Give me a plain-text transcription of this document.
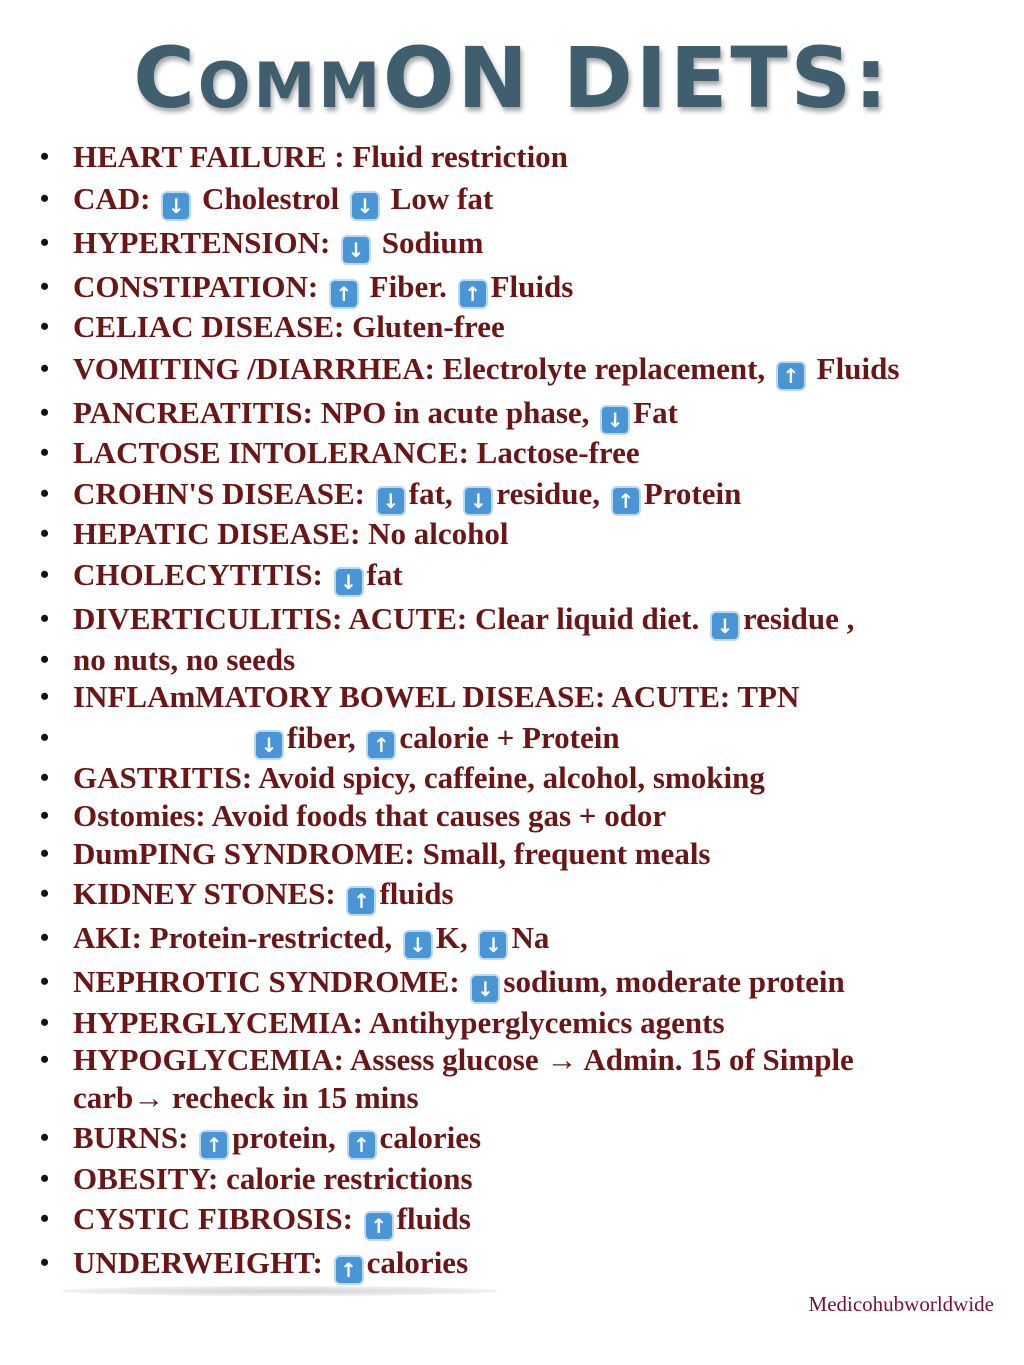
COMMON DIETS:
• HEART FAILURE : Fluid restriction
• CAD: ↓ Cholestrol ↓ Low fat
• HYPERTENSION: ↓ Sodium
• CONSTIPATION: ↑ Fiber. ↑ Fluids
• CELIAC DISEASE: Gluten-free
• VOMITING /DIARRHEA: Electrolyte replacement, ↑ Fluids
• PANCREATITIS: NPO in acute phase, ↓ Fat
• LACTOSE INTOLERANCE: Lactose-free
• CROHN'S DISEASE: ↓ fat, ↓ residue, ↑ Protein
• HEPATIC DISEASE: No alcohol
• CHOLECYTITIS: ↓ fat
• DIVERTICULITIS: ACUTE: Clear liquid diet. ↓ residue ,
• no nuts, no seeds
• INFLAmMATORY BOWEL DISEASE: ACUTE: TPN
•	↓ fiber, ↑ calorie + Protein
• GASTRITIS: Avoid spicy, caffeine, alcohol, smoking
• Ostomies: Avoid foods that causes gas + odor
• DumPING SYNDROME: Small, frequent meals
• KIDNEY STONES: ↑ fluids
• AKI: Protein-restricted, ↓ K, ↓ Na
• NEPHROTIC SYNDROME: ↓ sodium, moderate protein
• HYPERGLYCEMIA: Antihyperglycemics agents
• HYPOGLYCEMIA: Assess glucose → Admin. 15 of Simple carb→ recheck in 15 mins
• BURNS: ↑ protein, ↑ calories
• OBESITY: calorie restrictions
• CYSTIC FIBROSIS: ↑ fluids
• UNDERWEIGHT: ↑ calories
Medicohubworldwide
